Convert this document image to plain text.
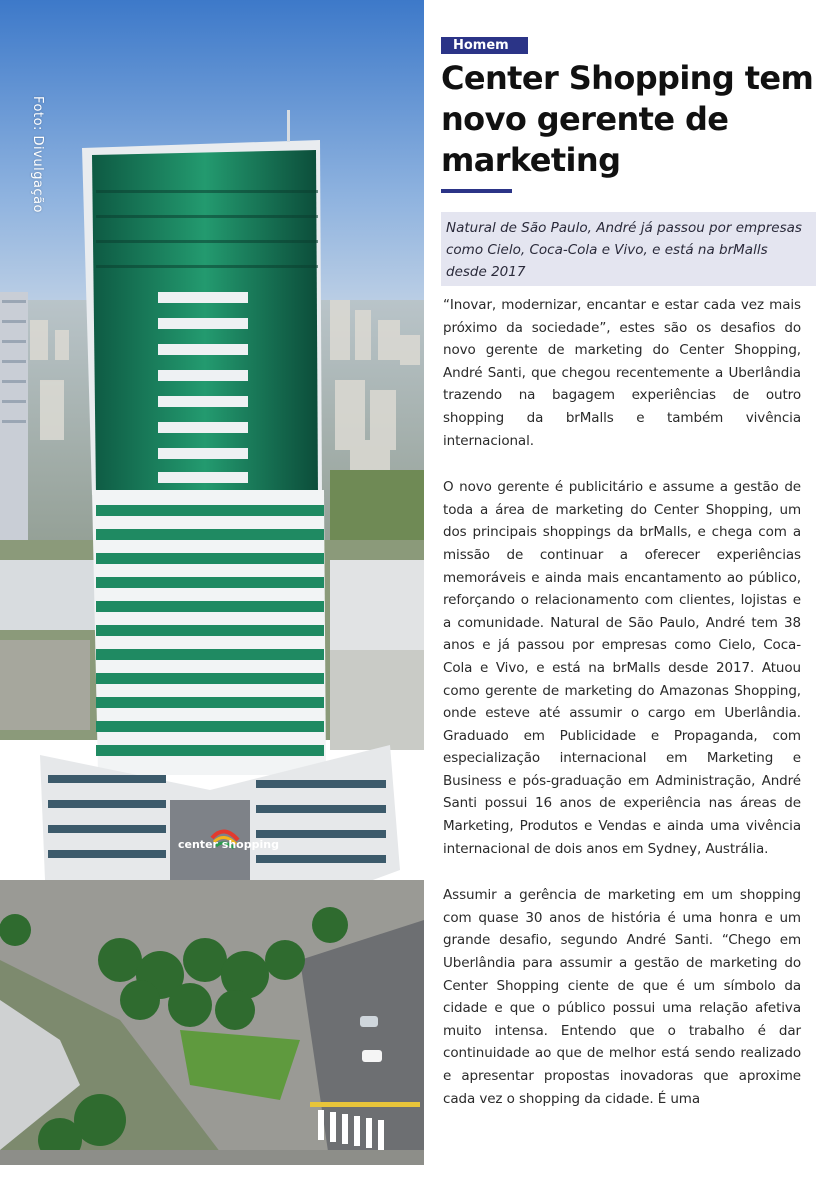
center shopping
Foto: Divulgação
Homem
Center Shopping tem novo gerente de marketing
Natural de São Paulo, André já passou por empresas como Cielo, Coca-Cola e Vivo, e está na brMalls desde 2017

“Inovar, modernizar, encantar e estar cada vez mais próximo da sociedade”, estes são os desafios do novo gerente de marketing do Center Shopping, André Santi, que chegou recentemente a Uberlândia trazendo na bagagem experiências de outro shopping da brMalls e também vivência internacional.

O novo gerente é publicitário e assume a gestão de toda a área de marketing do Center Shopping, um dos principais shoppings da brMalls, e chega com a missão de continuar a oferecer experiências memoráveis e ainda mais encantamento ao público, reforçando o relacionamento com clientes, lojistas e a comunidade. Natural de São Paulo, André tem 38 anos e já passou por empresas como Cielo, Coca-Cola e Vivo, e está na brMalls desde 2017. Atuou como gerente de marketing do Amazonas Shopping, onde esteve até assumir o cargo em Uberlândia. Graduado em Publicidade e Propaganda, com especialização internacional em Marketing e Business e pós-graduação em Administração, André Santi possui 16 anos de experiência nas áreas de Marketing, Produtos e Vendas e ainda uma vivência internacional de dois anos em Sydney, Austrália.

Assumir a gerência de marketing em um shopping com quase 30 anos de história é uma honra e um grande desafio, segundo André Santi. “Chego em Uberlândia para assumir a gestão de marketing do Center Shopping ciente de que é um símbolo da cidade e que o público possui uma relação afetiva muito intensa. Entendo que o trabalho é dar continuidade ao que de melhor está sendo realizado e apresentar propostas inovadoras que aproxime cada vez o shopping da cidade. É uma
